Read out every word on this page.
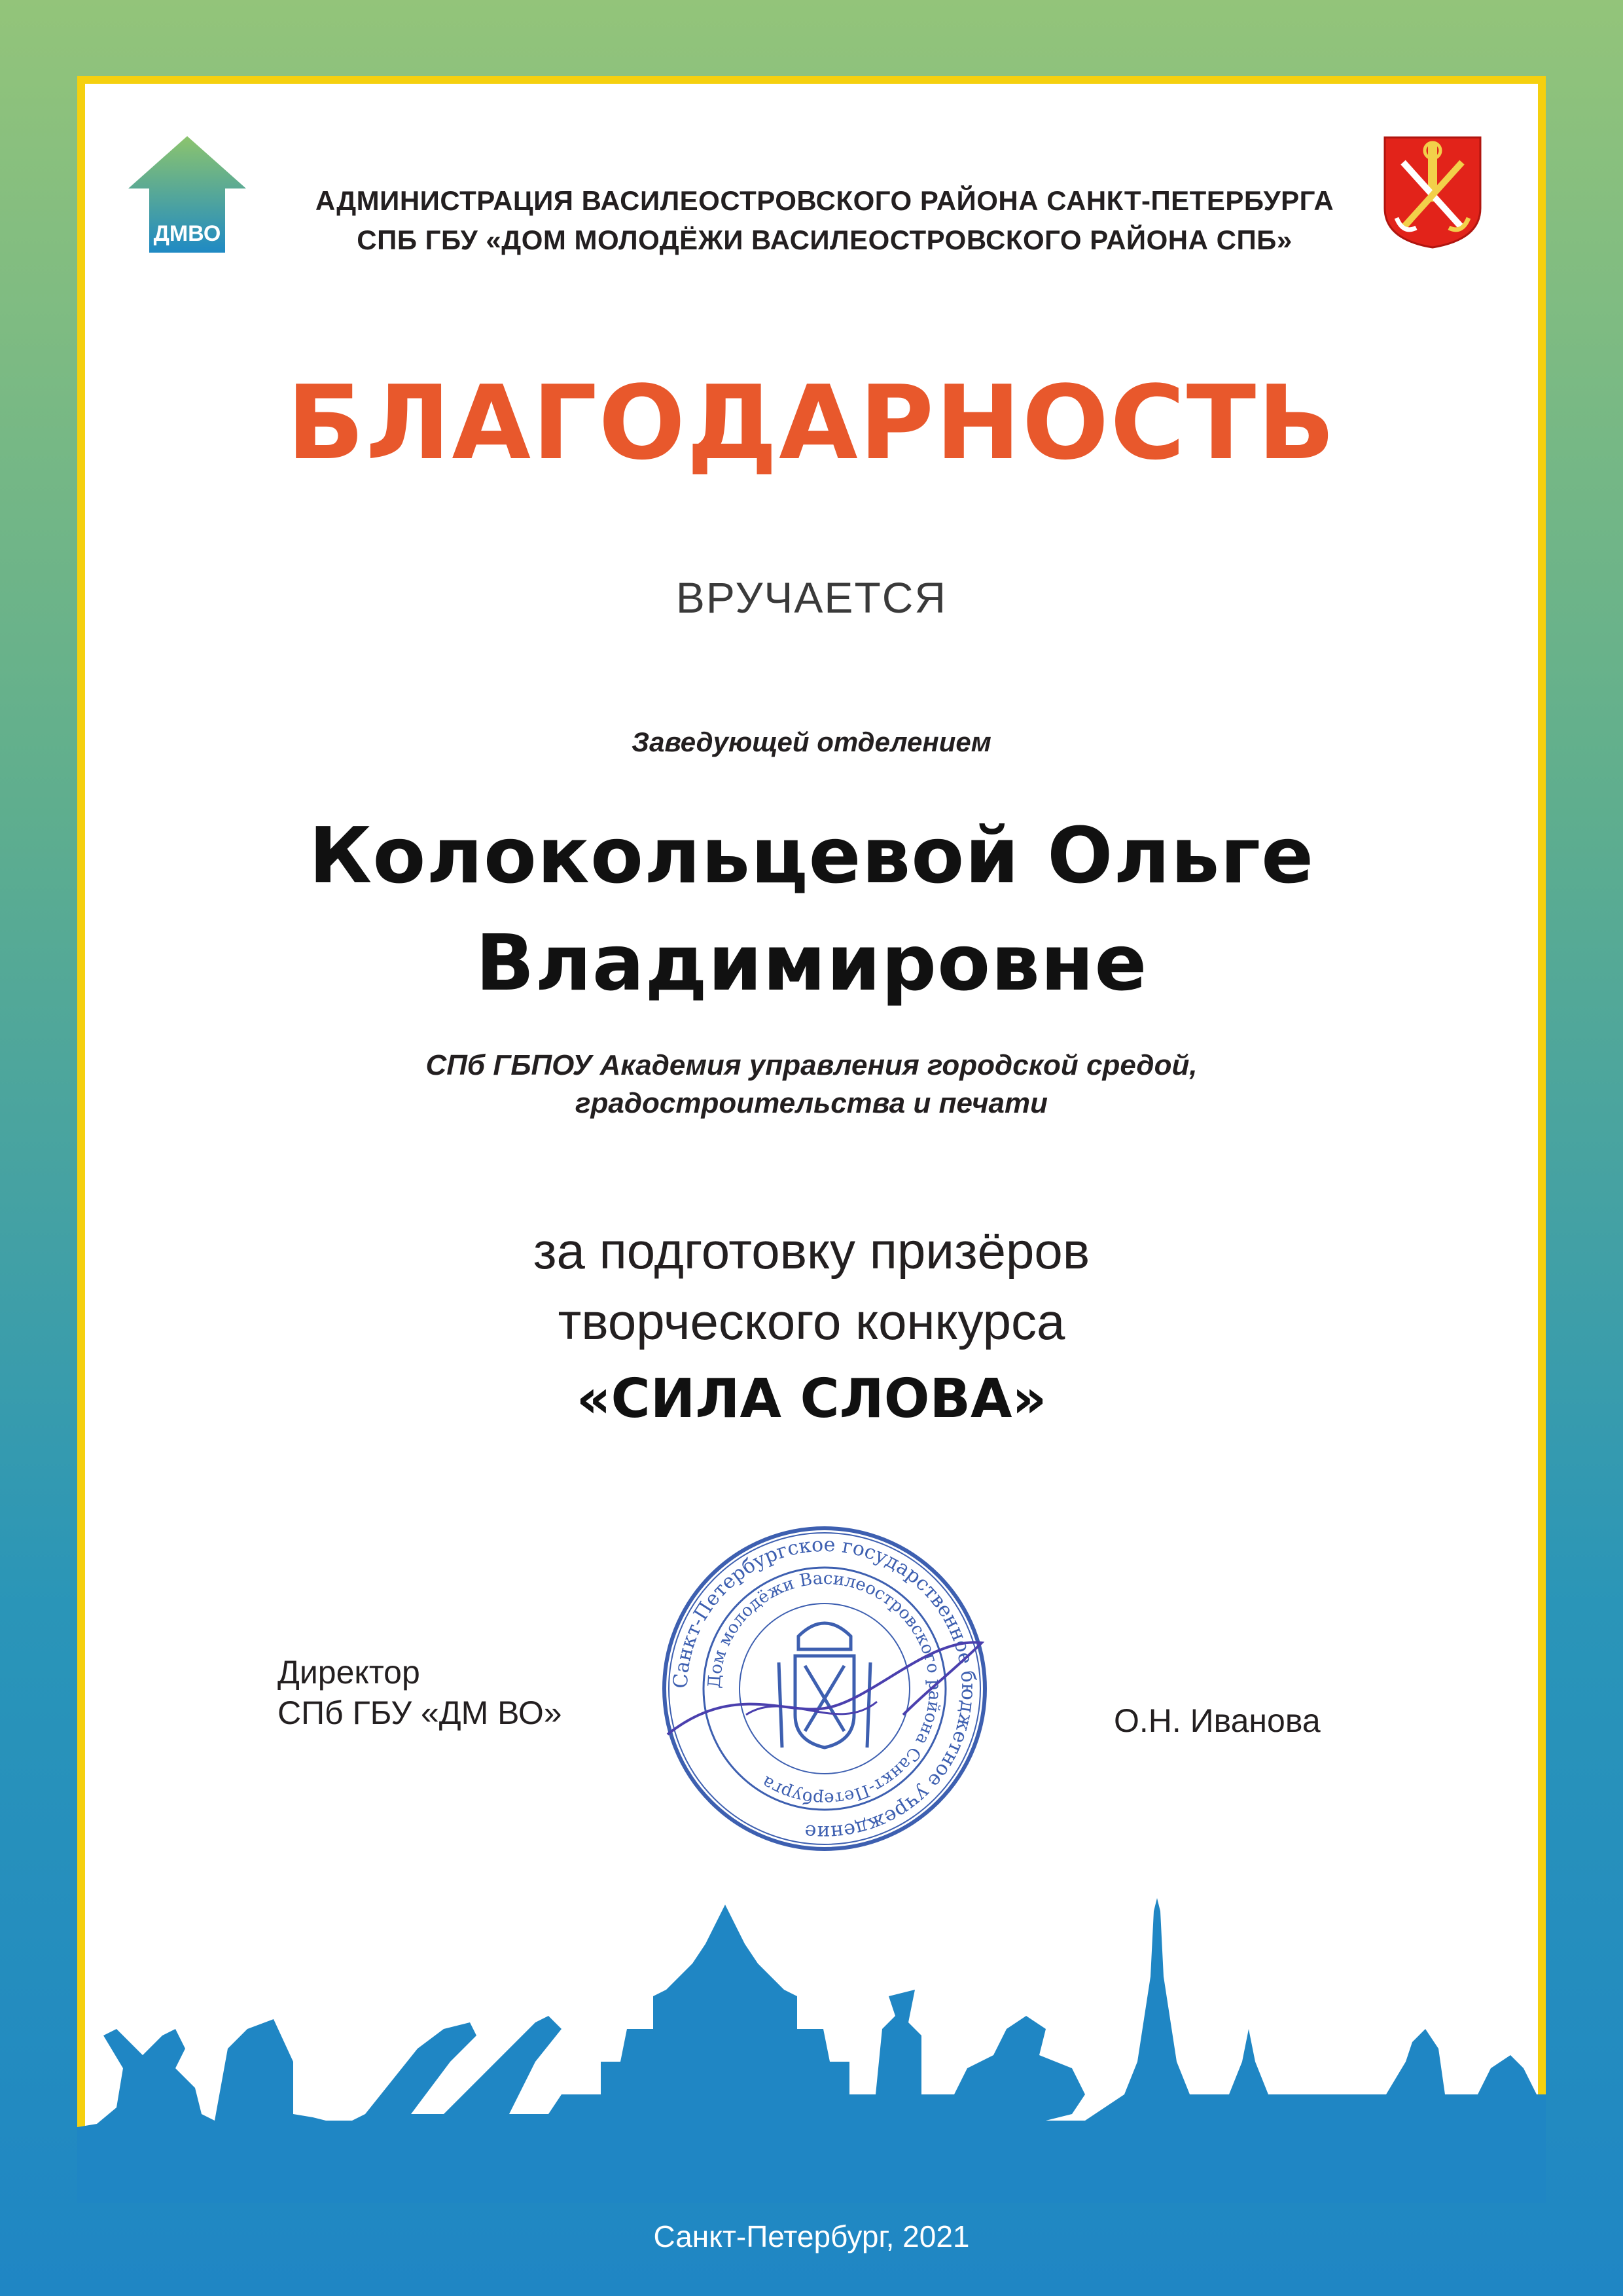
ДМВО
АДМИНИСТРАЦИЯ ВАСИЛЕОСТРОВСКОГО РАЙОНА САНКТ-ПЕТЕРБУРГА
СПБ ГБУ «ДОМ МОЛОДЁЖИ ВАСИЛЕОСТРОВСКОГО РАЙОНА СПБ»
БЛАГОДАРНОСТЬ
ВРУЧАЕТСЯ
Заведующей отделением
Колокольцевой Ольге
Владимировне
СПб ГБПОУ Академия управления городской средой,
градостроительства и печати
за подготовку призёров
творческого конкурса
«СИЛА СЛОВА»
Директор
СПб ГБУ «ДМ ВО»	О.Н. Иванова
Санкт-Петербургское государственное бюджетное учреждение
Дом молодёжи Василеостровского района Санкт-Петербурга
Санкт-Петербург, 2021
